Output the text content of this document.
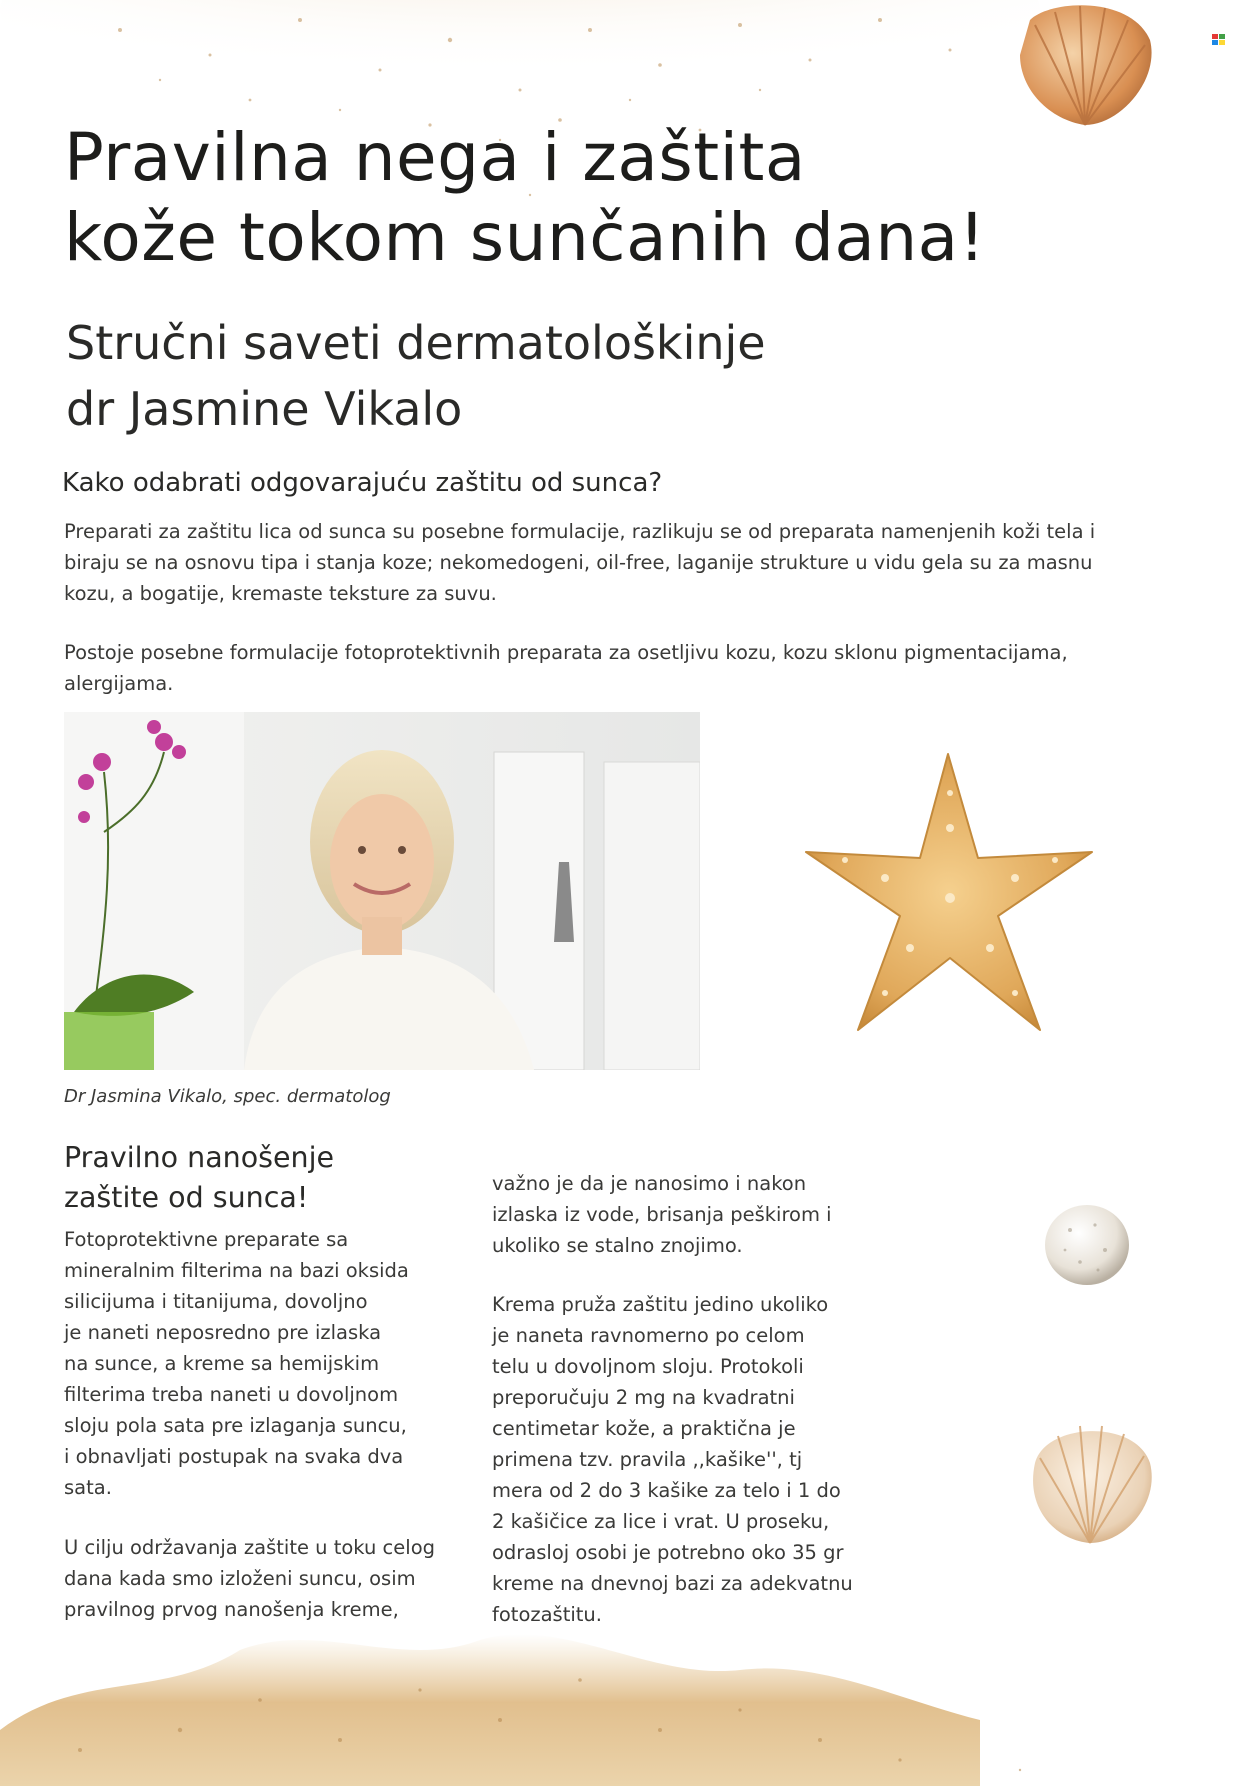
Pravilna nega i zaštita
kože tokom sunčanih dana!
Stručni saveti dermatološkinje
dr Jasmine Vikalo
Kako odabrati odgovarajuću zaštitu od sunca?

Preparati za zaštitu lica od sunca su posebne formulacije, razlikuju se od preparata namenjenih koži tela i biraju se na osnovu tipa i stanja koze; nekomedogeni, oil-free, laganije strukture u vidu gela su za masnu kozu, a bogatije, kremaste teksture za suvu.

Postoje posebne formulacije fotoprotektivnih preparata za osetljivu kozu, kozu sklonu pigmentacijama, alergijama.

Dr Jasmina Vikalo, spec. dermatolog

Pravilno nanošenje
zaštite od sunca!
Fotoprotektivne preparate sa
mineralnim filterima na bazi oksida
silicijuma i titanijuma, dovoljno
je naneti neposredno pre izlaska
na sunce, a kreme sa hemijskim
filterima treba naneti u dovoljnom
sloju pola sata pre izlaganja suncu,
i obnavljati postupak na svaka dva
sata.
U cilju održavanja zaštite u toku celog
dana kada smo izloženi suncu, osim
pravilnog prvog nanošenja kreme,
važno je da je nanosimo i nakon
izlaska iz vode, brisanja peškirom i
ukoliko se stalno znojimo.
Krema pruža zaštitu jedino ukoliko
je naneta ravnomerno po celom
telu u dovoljnom sloju. Protokoli
preporučuju 2 mg na kvadratni
centimetar kože, a praktična je
primena tzv. pravila ,,kašike'', tj
mera od 2 do 3 kašike za telo i 1 do
2 kašičice za lice i vrat. U proseku,
odrasloj osobi je potrebno oko 35 gr
kreme na dnevnoj bazi za adekvatnu
fotozaštitu.
